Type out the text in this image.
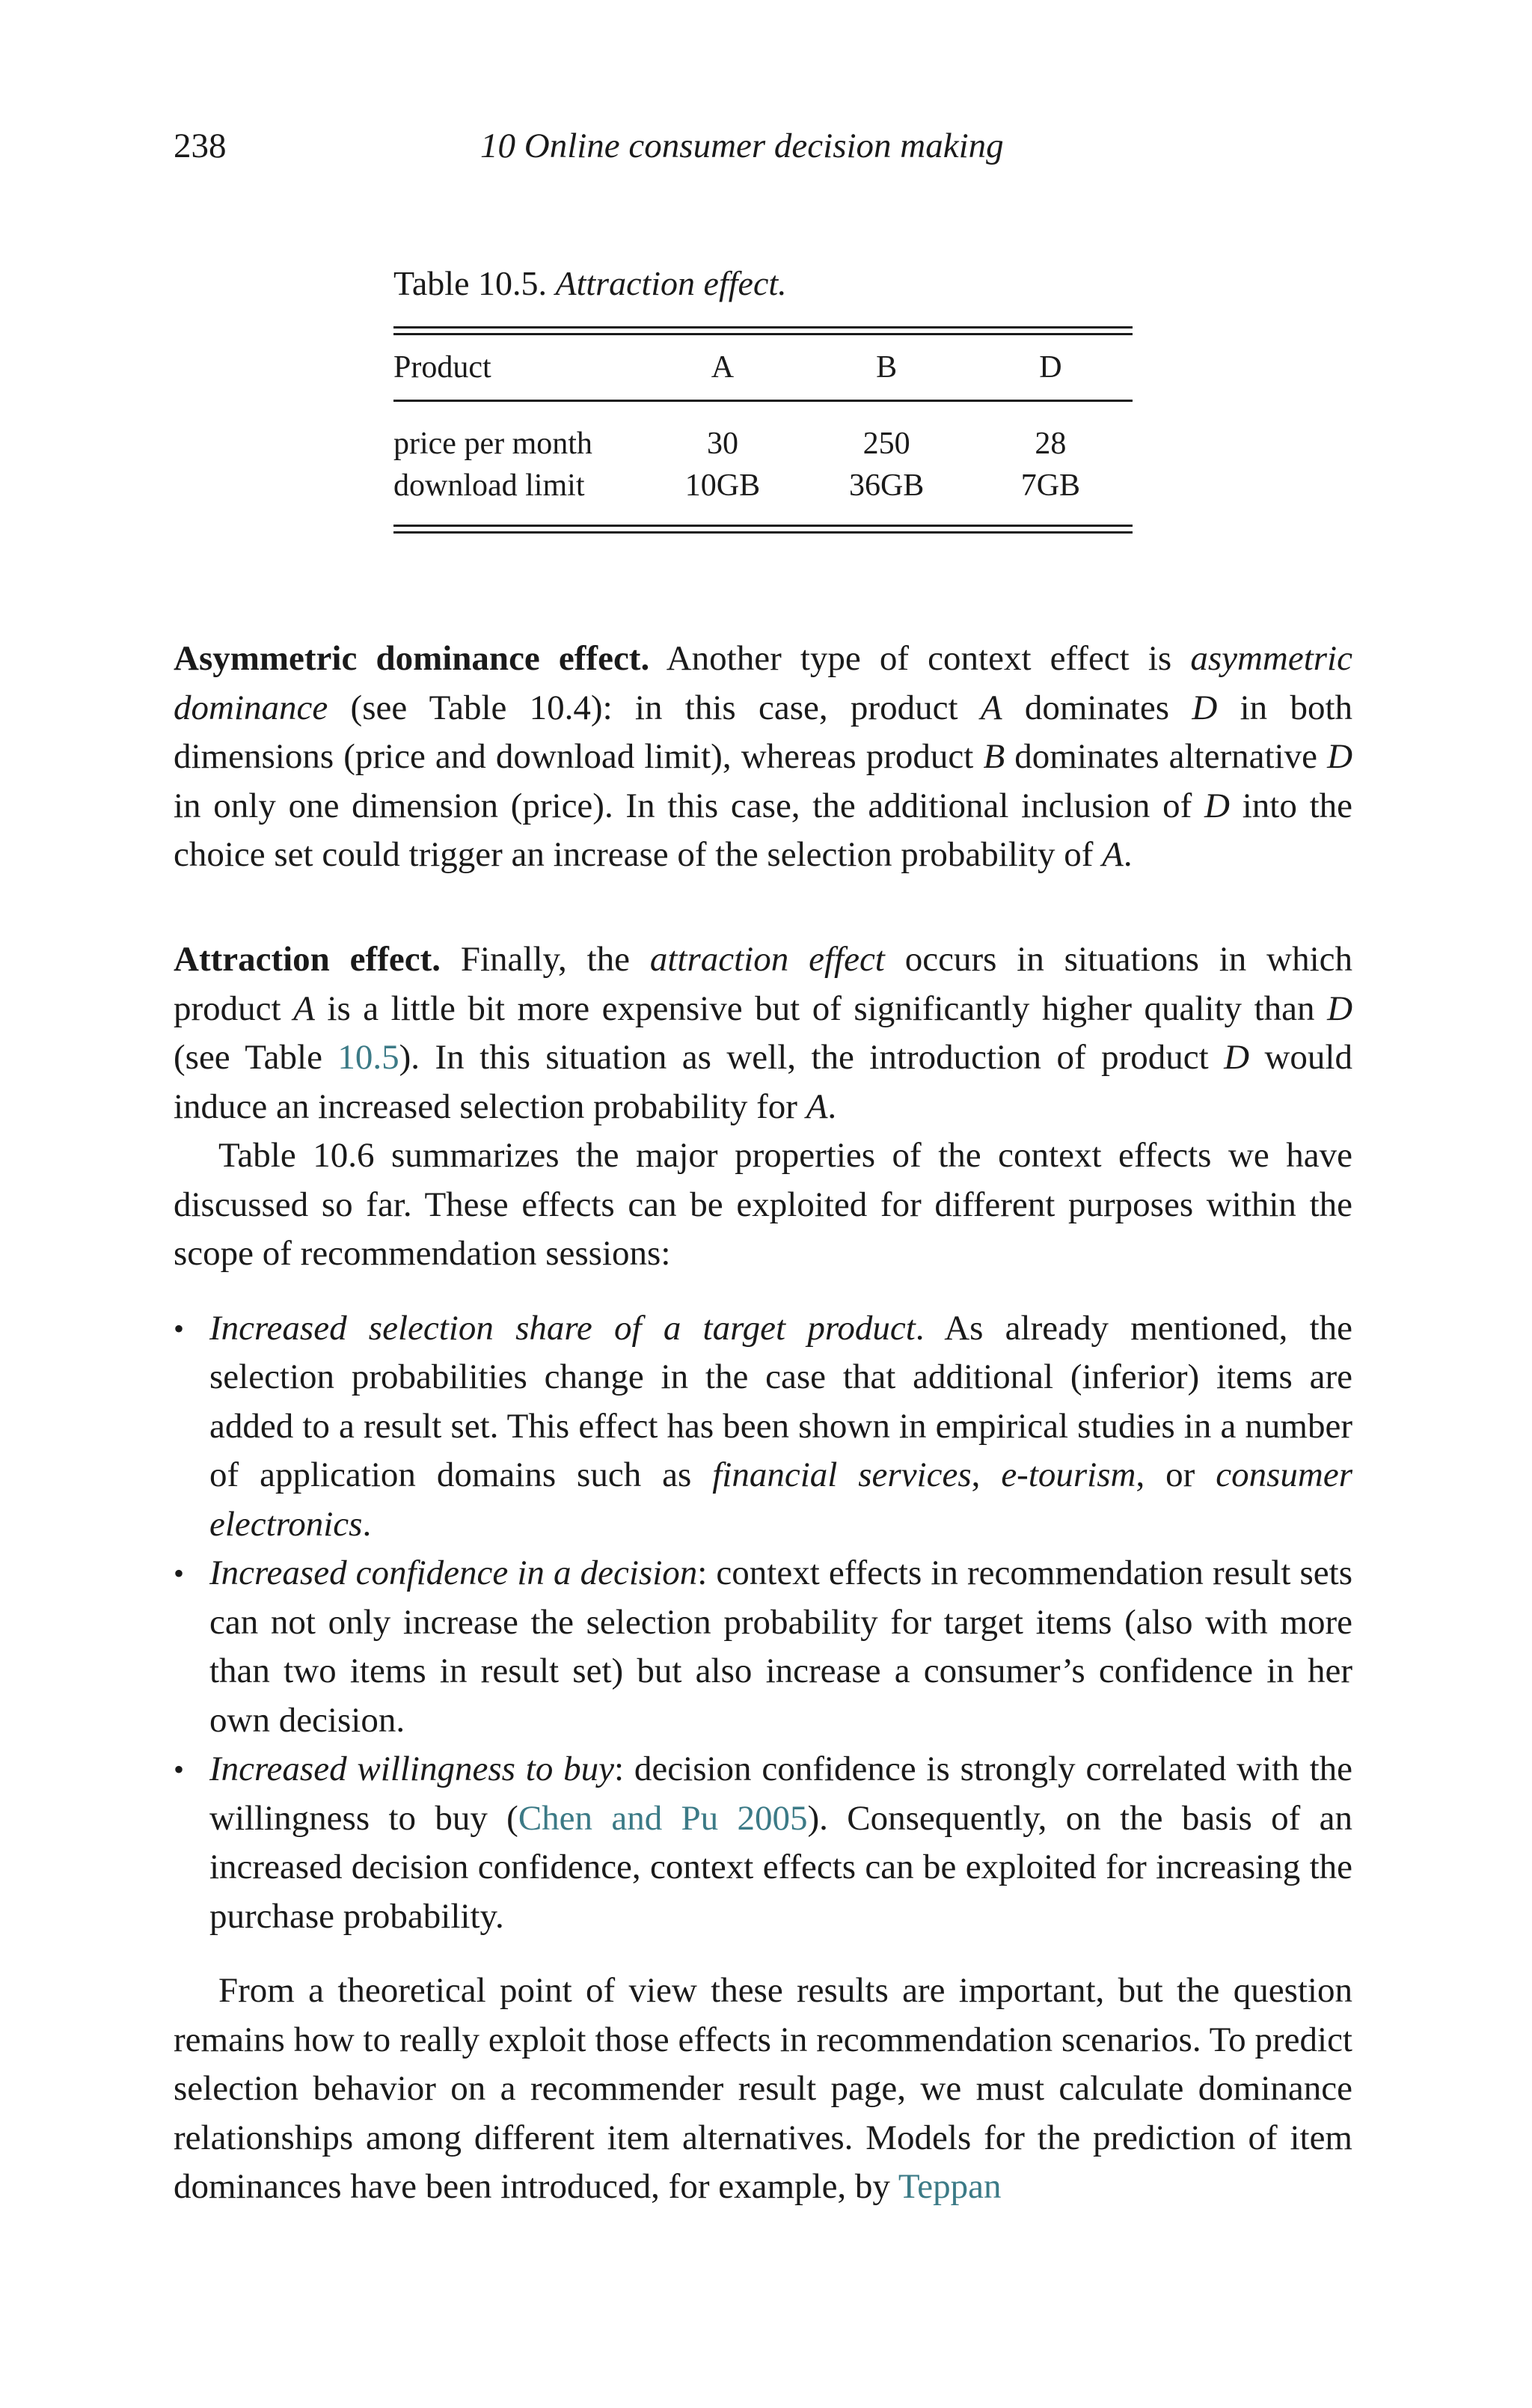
238	10 Online consumer decision making
Table 10.5. Attraction effect.
Product	A	B	D
price per month	30	250	28
download limit	10GB	36GB	7GB

Asymmetric dominance effect. Another type of context effect is asymmetric dominance (see Table 10.4): in this case, product A dominates D in both dimensions (price and download limit), whereas product B dominates alternative D in only one dimension (price). In this case, the additional inclusion of D into the choice set could trigger an increase of the selection probability of A.

Attraction effect. Finally, the attraction effect occurs in situations in which product A is a little bit more expensive but of significantly higher quality than D (see Table 10.5). In this situation as well, the introduction of product D would induce an increased selection probability for A.

Table 10.6 summarizes the major properties of the context effects we have discussed so far. These effects can be exploited for different purposes within the scope of recommendation sessions:

• Increased selection share of a target product. As already mentioned, the selection probabilities change in the case that additional (inferior) items are added to a result set. This effect has been shown in empirical studies in a number of application domains such as financial services, e-tourism, or consumer electronics.
• Increased confidence in a decision: context effects in recommendation result sets can not only increase the selection probability for target items (also with more than two items in result set) but also increase a consumer’s confidence in her own decision.
• Increased willingness to buy: decision confidence is strongly correlated with the willingness to buy (Chen and Pu 2005). Consequently, on the basis of an increased decision confidence, context effects can be exploited for increasing the purchase probability.

From a theoretical point of view these results are important, but the question remains how to really exploit those effects in recommendation scenarios. To predict selection behavior on a recommender result page, we must calculate dominance relationships among different item alternatives. Models for the prediction of item dominances have been introduced, for example, by Teppan
